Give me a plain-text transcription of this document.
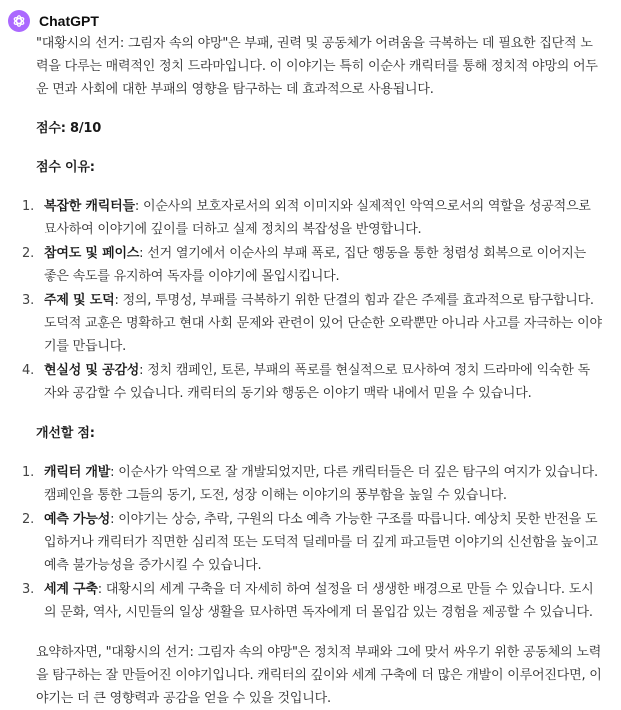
ChatGPT

"대황시의 선거: 그림자 속의 야망"은 부패, 권력 및 공동체가 어려움을 극복하는 데 필요한 집단적 노력을 다루는 매력적인 정치 드라마입니다. 이 이야기는 특히 이순사 캐릭터를 통해 정치적 야망의 어두운 면과 사회에 대한 부패의 영향을 탐구하는 데 효과적으로 사용됩니다.

점수: 8/10

점수 이유:

1. 복잡한 캐릭터들: 이순사의 보호자로서의 외적 이미지와 실제적인 악역으로서의 역할을 성공적으로 묘사하여 이야기에 깊이를 더하고 실제 정치의 복잡성을 반영합니다.
2. 참여도 및 페이스: 선거 열기에서 이순사의 부패 폭로, 집단 행동을 통한 청렴성 회복으로 이어지는 좋은 속도를 유지하여 독자를 이야기에 몰입시킵니다.
3. 주제 및 도덕: 정의, 투명성, 부패를 극복하기 위한 단결의 힘과 같은 주제를 효과적으로 탐구합니다. 도덕적 교훈은 명확하고 현대 사회 문제와 관련이 있어 단순한 오락뿐만 아니라 사고를 자극하는 이야기를 만듭니다.
4. 현실성 및 공감성: 정치 캠페인, 토론, 부패의 폭로를 현실적으로 묘사하여 정치 드라마에 익숙한 독자와 공감할 수 있습니다. 캐릭터의 동기와 행동은 이야기 맥락 내에서 믿을 수 있습니다.

개선할 점:

1. 캐릭터 개발: 이순사가 악역으로 잘 개발되었지만, 다른 캐릭터들은 더 깊은 탐구의 여지가 있습니다. 캠페인을 통한 그들의 동기, 도전, 성장 이해는 이야기의 풍부함을 높일 수 있습니다.
2. 예측 가능성: 이야기는 상승, 추락, 구원의 다소 예측 가능한 구조를 따릅니다. 예상치 못한 반전을 도입하거나 캐릭터가 직면한 심리적 또는 도덕적 딜레마를 더 깊게 파고들면 이야기의 신선함을 높이고 예측 불가능성을 증가시킬 수 있습니다.
3. 세계 구축: 대황시의 세계 구축을 더 자세히 하여 설정을 더 생생한 배경으로 만들 수 있습니다. 도시의 문화, 역사, 시민들의 일상 생활을 묘사하면 독자에게 더 몰입감 있는 경험을 제공할 수 있습니다.

요약하자면, "대황시의 선거: 그림자 속의 야망"은 정치적 부패와 그에 맞서 싸우기 위한 공동체의 노력을 탐구하는 잘 만들어진 이야기입니다. 캐릭터의 깊이와 세계 구축에 더 많은 개발이 이루어진다면, 이야기는 더 큰 영향력과 공감을 얻을 수 있을 것입니다.
